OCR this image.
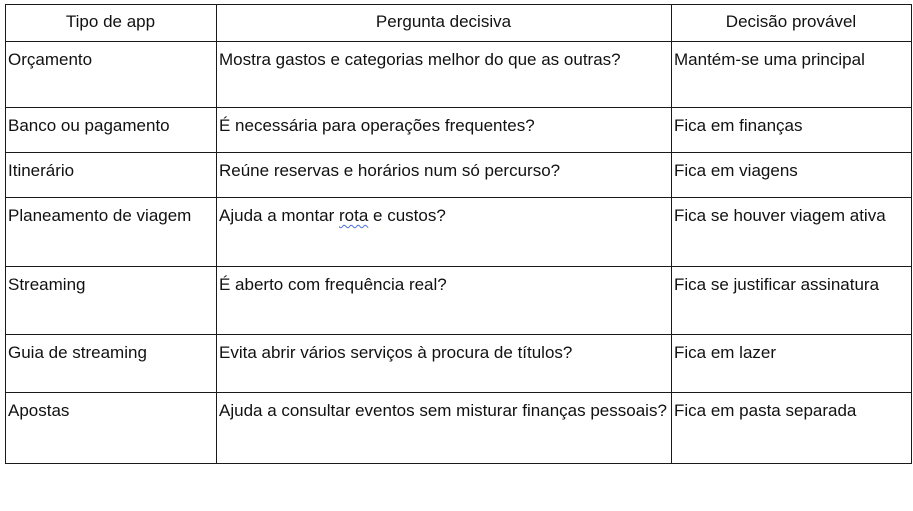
Tipo de app	Pergunta decisiva	Decisão provável
Orçamento	Mostra gastos e categorias melhor do que as outras?	Mantém-se uma principal
Banco ou pagamento	É necessária para operações frequentes?	Fica em finanças
Itinerário	Reúne reservas e horários num só percurso?	Fica em viagens
Planeamento de viagem	Ajuda a montar rota e custos?	Fica se houver viagem ativa
Streaming	É aberto com frequência real?	Fica se justificar assinatura
Guia de streaming	Evita abrir vários serviços à procura de títulos?	Fica em lazer
Apostas	Ajuda a consultar eventos sem misturar finanças pessoais?	Fica em pasta separada
